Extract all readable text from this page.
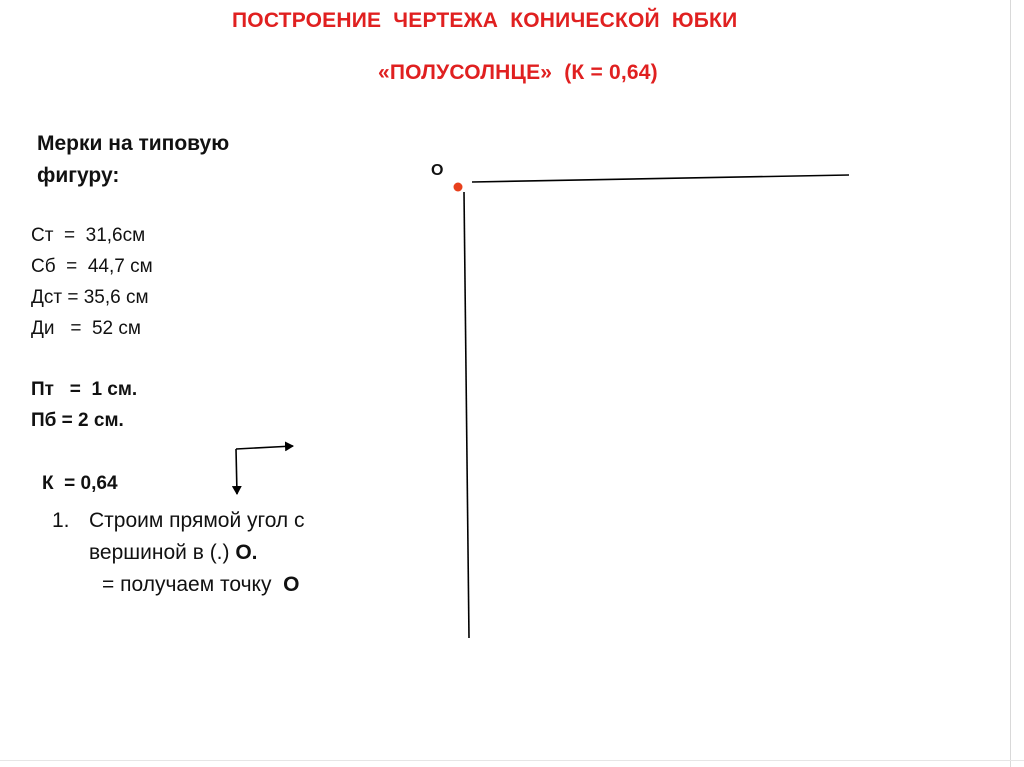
ПОСТРОЕНИЕ  ЧЕРТЕЖА  КОНИЧЕСКОЙ  ЮБКИ
«ПОЛУСОЛНЦЕ»  (К = 0,64)
Мерки на типовую фигуру:
Ст  =  31,6см
Сб  =  44,7 см
Дст = 35,6 см
Ди   =  52 см
Пт   =  1 см.
Пб = 2 см.
К  = 0,64
1. Строим прямой угол с вершиной в (.) О.
= получаем точку  О
О
